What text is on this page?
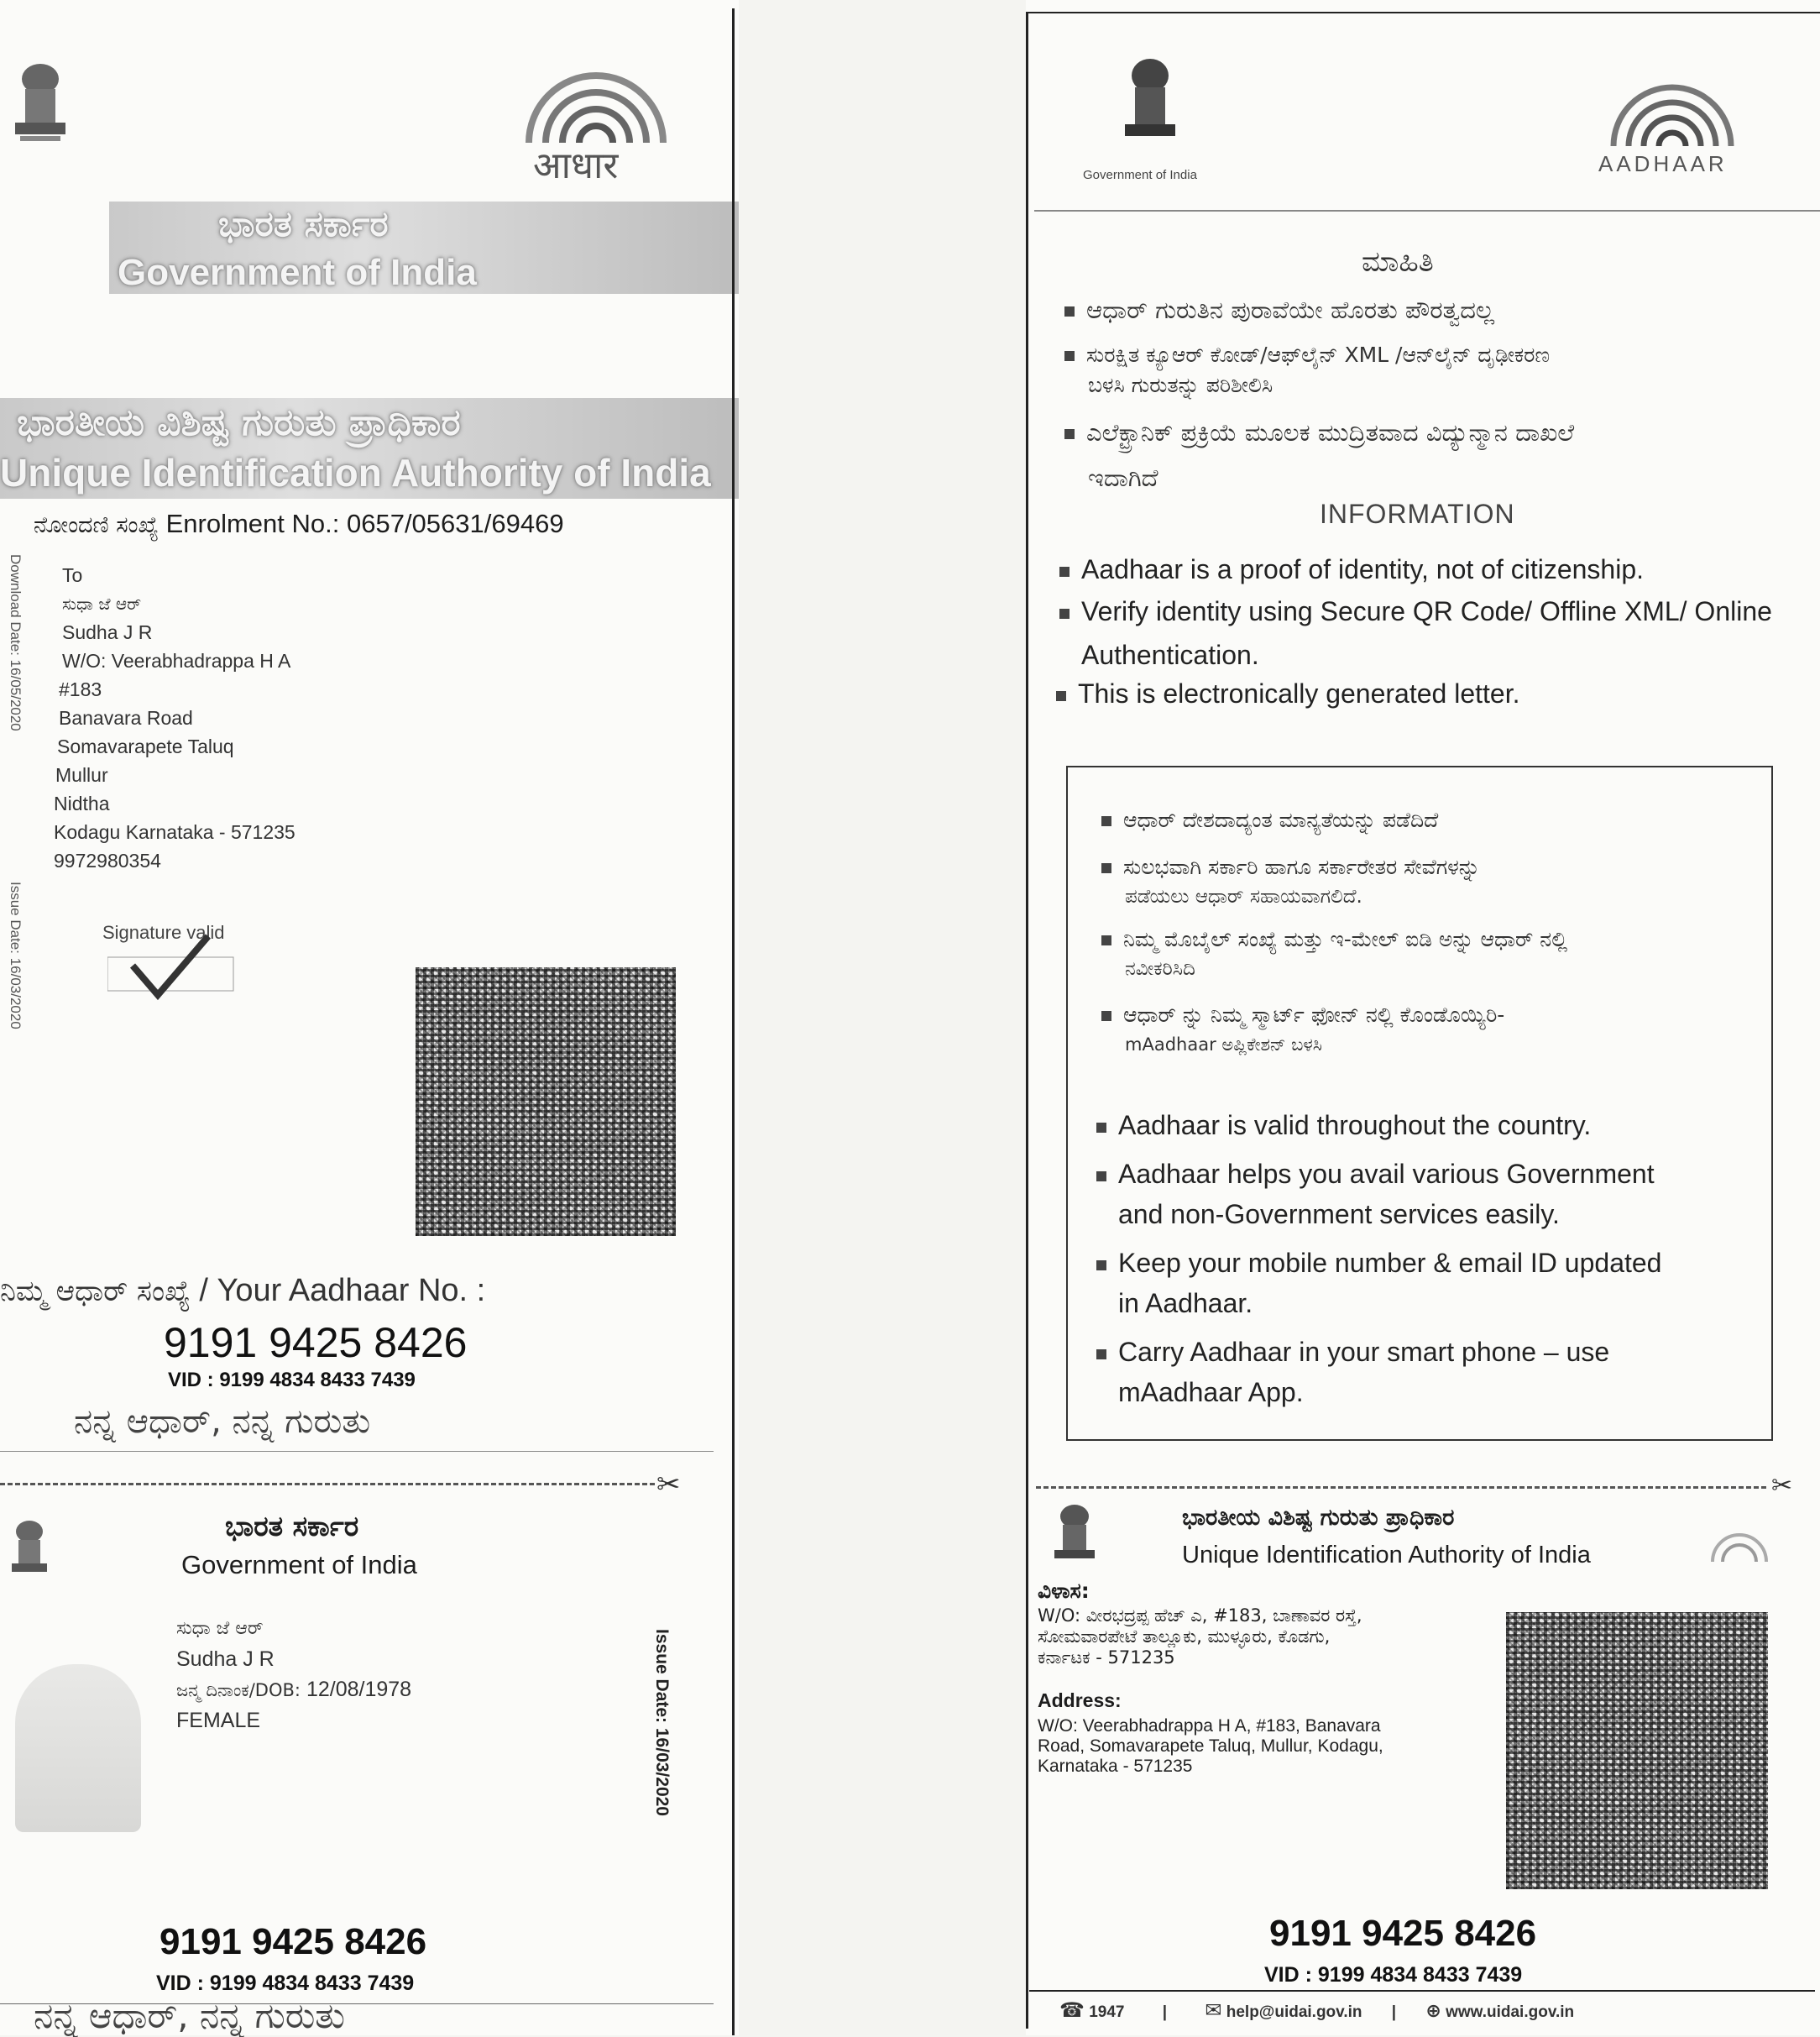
आधार
ಭಾರತ ಸರ್ಕಾರ
Government of India
ಭಾರತೀಯ ವಿಶಿಷ್ಟ ಗುರುತು ಪ್ರಾಧಿಕಾರ
Unique Identification Authority of India
ನೋಂದಣಿ ಸಂಖ್ಯೆ Enrolment No.: 0657/05631/69469
Download Date: 16/05/2020
Issue Date: 16/03/2020
To
ಸುಧಾ ಜೆ ಆರ್
Sudha J R
W/O: Veerabhadrappa H A
#183
Banavara Road
Somavarapete Taluq
Mullur
Nidtha
Kodagu Karnataka - 571235
9972980354
Signature valid
ನಿಮ್ಮ ಆಧಾರ್ ಸಂಖ್ಯೆ / Your Aadhaar No. :
9191 9425 8426
VID : 9199 4834 8433 7439
ನನ್ನ ಆಧಾರ್, ನನ್ನ ಗುರುತು
✂
ಭಾರತ ಸರ್ಕಾರ
Government of India
ಸುಧಾ ಜೆ ಆರ್
Sudha J R
ಜನ್ಮ ದಿನಾಂಕ/DOB: 12/08/1978
FEMALE	Issue Date: 16/03/2020
9191 9425 8426
VID : 9199 4834 8433 7439
ನನ್ನ ಆಧಾರ್, ನನ್ನ ಗುರುತು
Government of India	AADHAAR
ಮಾಹಿತಿ
ಆಧಾರ್ ಗುರುತಿನ ಪುರಾವೆಯೇ ಹೊರತು ಪೌರತ್ವದಲ್ಲ
ಸುರಕ್ಷಿತ ಕ್ಯೂಆರ್ ಕೋಡ್/ಆಫ್‌ಲೈನ್ XML /ಆನ್‌ಲೈನ್ ದೃಢೀಕರಣ
ಬಳಸಿ ಗುರುತನ್ನು ಪರಿಶೀಲಿಸಿ
ಎಲೆಕ್ಟ್ರಾನಿಕ್ ಪ್ರಕ್ರಿಯೆ ಮೂಲಕ ಮುದ್ರಿತವಾದ ವಿದ್ಯುನ್ಮಾನ ದಾಖಲೆ
ಇದಾಗಿದೆ
INFORMATION
Aadhaar is a proof of identity, not of citizenship.
Verify identity using Secure QR Code/ Offline XML/ Online
Authentication.
This is electronically generated letter.
ಆಧಾರ್ ದೇಶದಾದ್ಯಂತ ಮಾನ್ಯತೆಯನ್ನು ಪಡೆದಿದೆ
ಸುಲಭವಾಗಿ ಸರ್ಕಾರಿ ಹಾಗೂ ಸರ್ಕಾರೇತರ ಸೇವೆಗಳನ್ನು
ಪಡೆಯಲು ಆಧಾರ್ ಸಹಾಯವಾಗಲಿದೆ.
ನಿಮ್ಮ ಮೊಬೈಲ್ ಸಂಖ್ಯೆ ಮತ್ತು ಇ-ಮೇಲ್ ಐಡಿ ಅನ್ನು ಆಧಾರ್ ನಲ್ಲಿ
ನವೀಕರಿಸಿದಿ
ಆಧಾರ್ ನ್ನು ನಿಮ್ಮ ಸ್ಮಾರ್ಟ್ ಫೋನ್ ನಲ್ಲಿ ಕೊಂಡೊಯ್ಯಿರಿ-
mAadhaar ಅಪ್ಲಿಕೇಶನ್ ಬಳಸಿ
Aadhaar is valid throughout the country.
Aadhaar helps you avail various Government
and non-Government services easily.
Keep your mobile number & email ID updated
in Aadhaar.
Carry Aadhaar in your smart phone – use
mAadhaar App.
✂
ಭಾರತೀಯ ವಿಶಿಷ್ಟ ಗುರುತು ಪ್ರಾಧಿಕಾರ
Unique Identification Authority of India
ವಿಳಾಸ:
W/O: ವೀರಭದ್ರಪ್ಪ ಹೆಚ್ ಎ, #183, ಬಾಣಾವರ ರಸ್ತೆ,
ಸೋಮವಾರಪೇಟೆ ತಾಲ್ಲೂಕು, ಮುಳ್ಳೂರು, ಕೊಡಗು,
ಕರ್ನಾಟಕ - 571235
Address:
W/O: Veerabhadrappa H A, #183, Banavara
Road, Somavarapete Taluq, Mullur, Kodagu,
Karnataka - 571235
9191 9425 8426
VID : 9199 4834 8433 7439
☎ 1947 | ✉ help@uidai.gov.in | ⊕ www.uidai.gov.in
